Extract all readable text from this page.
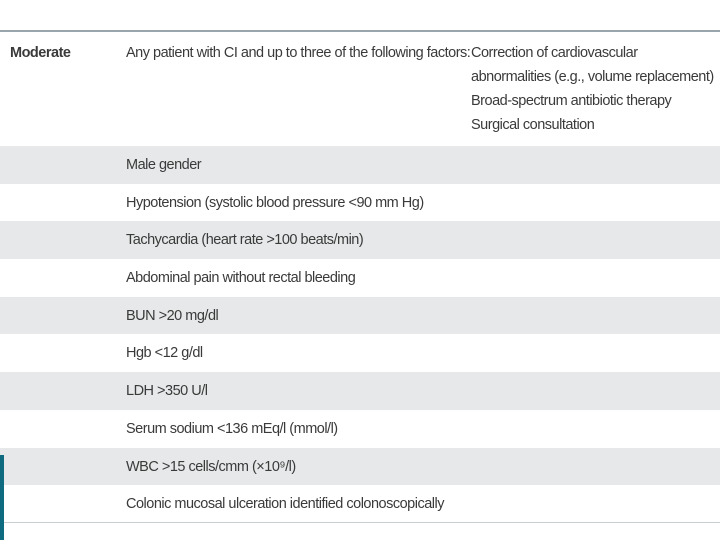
Moderate	Any patient with CI and up to three of the following factors:	Correction of cardiovascular
abnormalities (e.g., volume replacement)
Broad-spectrum antibiotic therapy
Surgical consultation

Male gender
Hypotension (systolic blood pressure <90 mm Hg)
Tachycardia (heart rate >100 beats/min)
Abdominal pain without rectal bleeding
BUN >20 mg/dl
Hgb <12 g/dl
LDH >350 U/l
Serum sodium <136 mEq/l (mmol/l)
WBC >15 cells/cmm (×10⁹/l)
Colonic mucosal ulceration identified colonoscopically
